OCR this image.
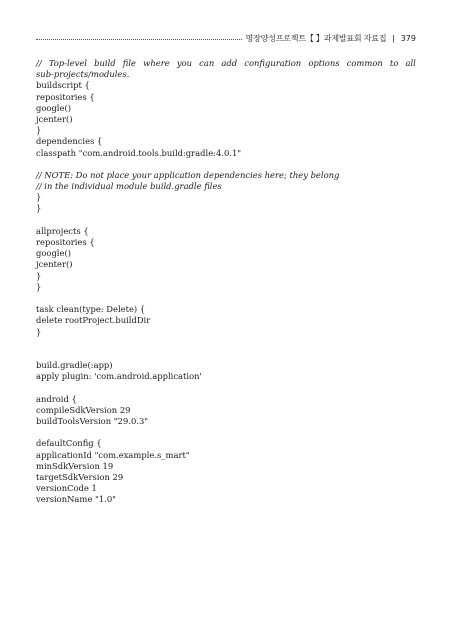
명장양성프로젝트【 】과제발표회 자료집 ǀ 379
// Top-level build file where you can add configuration options common to all
sub-projects/modules.
buildscript {
repositories {
google()
jcenter()
}
dependencies {
classpath "com.android.tools.build:gradle:4.0.1"
// NOTE: Do not place your application dependencies here; they belong
// in the individual module build.gradle files
}
}
allprojects {
repositories {
google()
jcenter()
}
}
task clean(type: Delete) {
delete rootProject.buildDir
}
build.gradle(:app)
apply plugin: 'com.android.application'
android {
compileSdkVersion 29
buildToolsVersion "29.0.3"
defaultConfig {
applicationId "com.example.s_mart"
minSdkVersion 19
targetSdkVersion 29
versionCode 1
versionName "1.0"
